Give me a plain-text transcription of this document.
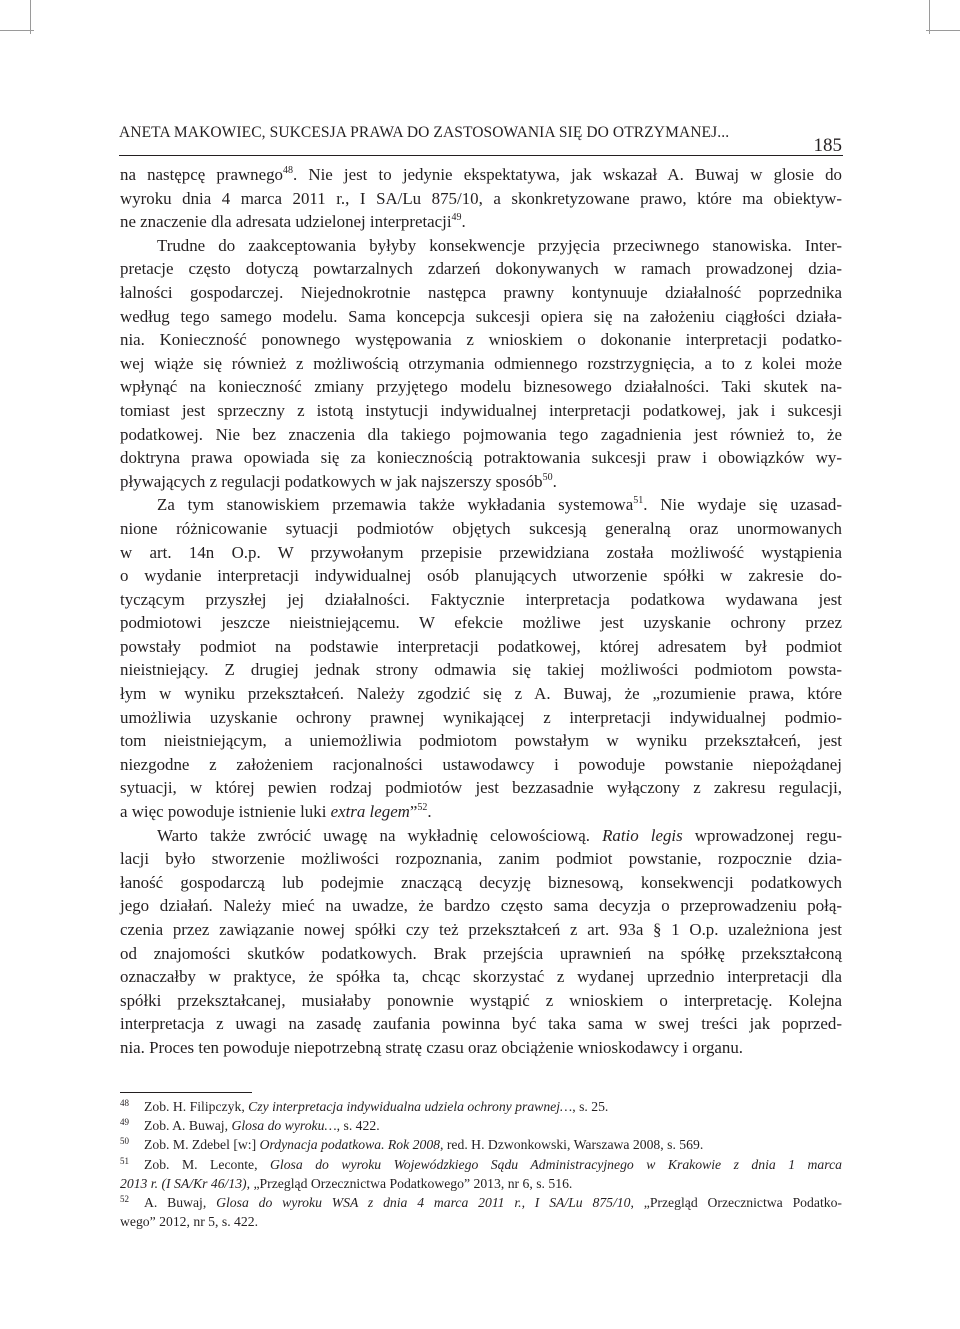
ANETA MAKOWIEC, SUKCESJA PRAWA DO ZASTOSOWANIA SIĘ DO OTRZYMANEJ...
185
na następcę prawnego$^{48}$. Nie jest to jedynie ekspektatywa, jak wskazał A. Buwaj w glosie do
wyroku dnia 4 marca 2011 r., I SA/Lu 875/10, a skonkretyzowane prawo, które ma obiektyw-
ne znaczenie dla adresata udzielonej interpretacji$^{49}$.
Trudne do zaakceptowania byłyby konsekwencje przyjęcia przeciwnego stanowiska. Inter-
pretacje często dotyczą powtarzalnych zdarzeń dokonywanych w ramach prowadzonej dzia-
łalności gospodarczej. Niejednokrotnie następca prawny kontynuuje działalność poprzednika
według tego samego modelu. Sama koncepcja sukcesji opiera się na założeniu ciągłości działa-
nia. Konieczność ponownego występowania z wnioskiem o dokonanie interpretacji podatko-
wej wiąże się również z możliwością otrzymania odmiennego rozstrzygnięcia, a to z kolei może
wpłynąć na konieczność zmiany przyjętego modelu biznesowego działalności. Taki skutek na-
tomiast jest sprzeczny z istotą instytucji indywidualnej interpretacji podatkowej, jak i sukcesji
podatkowej. Nie bez znaczenia dla takiego pojmowania tego zagadnienia jest również to, że
doktryna prawa opowiada się za koniecznością potraktowania sukcesji praw i obowiązków wy-
pływających z regulacji podatkowych w jak najszerszy sposób$^{50}$.
Za tym stanowiskiem przemawia także wykładania systemowa$^{51}$. Nie wydaje się uzasad-
nione różnicowanie sytuacji podmiotów objętych sukcesją generalną oraz unormowanych
w art. 14n O.p. W przywołanym przepisie przewidziana została możliwość wystąpienia
o wydanie interpretacji indywidualnej osób planujących utworzenie spółki w zakresie do-
tyczącym przyszłej jej działalności. Faktycznie interpretacja podatkowa wydawana jest
podmiotowi jeszcze nieistniejącemu. W efekcie możliwe jest uzyskanie ochrony przez
powstały podmiot na podstawie interpretacji podatkowej, której adresatem był podmiot
nieistniejący. Z drugiej jednak strony odmawia się takiej możliwości podmiotom powsta-
łym w wyniku przekształceń. Należy zgodzić się z A. Buwaj, że „rozumienie prawa, które
umożliwia uzyskanie ochrony prawnej wynikającej z interpretacji indywidualnej podmio-
tom nieistniejącym, a uniemożliwia podmiotom powstałym w wyniku przekształceń, jest
niezgodne z założeniem racjonalności ustawodawcy i powoduje powstanie niepożądanej
sytuacji, w której pewien rodzaj podmiotów jest bezzasadnie wyłączony z zakresu regulacji,
a więc powoduje istnienie luki extra legem”$^{52}$.
Warto także zwrócić uwagę na wykładnię celowościową. Ratio legis wprowadzonej regu-
lacji było stworzenie możliwości rozpoznania, zanim podmiot powstanie, rozpocznie dzia-
łaność gospodarczą lub podejmie znaczącą decyzję biznesową, konsekwencji podatkowych
jego działań. Należy mieć na uwadze, że bardzo często sama decyzja o przeprowadzeniu połą-
czenia przez zawiązanie nowej spółki czy też przekształceń z art. 93a § 1 O.p. uzależniona jest
od znajomości skutków podatkowych. Brak przejścia uprawnień na spółkę przekształconą
oznaczałby w praktyce, że spółka ta, chcąc skorzystać z wydanej uprzednio interpretacji dla
spółki przekształcanej, musiałaby ponownie wystąpić z wnioskiem o interpretację. Kolejna
interpretacja z uwagi na zasadę zaufania powinna być taka sama w swej treści jak poprzed-
nia. Proces ten powoduje niepotrzebną stratę czasu oraz obciążenie wnioskodawcy i organu.
48 Zob. H. Filipczyk, Czy interpretacja indywidualna udziela ochrony prawnej…, s. 25.
49 Zob. A. Buwaj, Glosa do wyroku…, s. 422.
50 Zob. M. Zdebel [w:] Ordynacja podatkowa. Rok 2008, red. H. Dzwonkowski, Warszawa 2008, s. 569.
51 Zob. M. Leconte, Glosa do wyroku Wojewódzkiego Sądu Administracyjnego w Krakowie z dnia 1 marca
2013 r. (I SA/Kr 46/13), „Przegląd Orzecznictwa Podatkowego” 2013, nr 6, s. 516.
52 A. Buwaj, Glosa do wyroku WSA z dnia 4 marca 2011 r., I SA/Lu 875/10, „Przegląd Orzecznictwa Podatko-
wego” 2012, nr 5, s. 422.
